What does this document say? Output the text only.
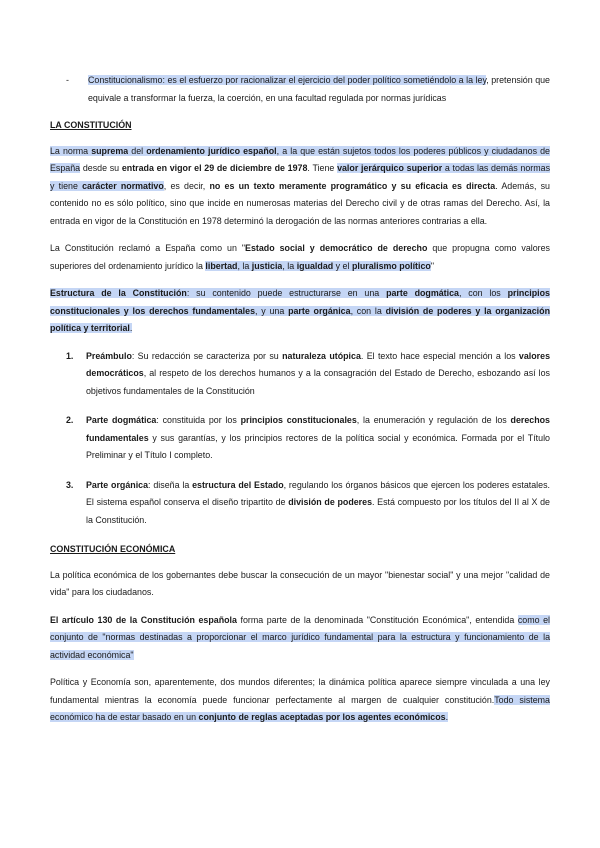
-	Constitucionalismo: es el esfuerzo por racionalizar el ejercicio del poder político sometiéndolo a la ley, pretensión que equivale a transformar la fuerza, la coerción, en una facultad regulada por normas jurídicas
LA CONSTITUCIÓN

La norma suprema del ordenamiento jurídico español, a la que están sujetos todos los poderes públicos y ciudadanos de España desde su entrada en vigor el 29 de diciembre de 1978. Tiene valor jerárquico superior a todas las demás normas y tiene carácter normativo, es decir, no es un texto meramente programático y su eficacia es directa. Además, su contenido no es sólo político, sino que incide en numerosas materias del Derecho civil y de otras ramas del Derecho. Así, la entrada en vigor de la Constitución en 1978 determinó la derogación de las normas anteriores contrarias a ella.

La Constitución reclamó a España como un "Estado social y democrático de derecho que propugna como valores superiores del ordenamiento jurídico la libertad, la justicia, la igualdad y el pluralismo político"

Estructura de la Constitución: su contenido puede estructurarse en una parte dogmática, con los principios constitucionales y los derechos fundamentales, y una parte orgánica, con la división de poderes y la organización política y territorial.

1.	Preámbulo: Su redacción se caracteriza por su naturaleza utópica. El texto hace especial mención a los valores democráticos, al respeto de los derechos humanos y a la consagración del Estado de Derecho, esbozando así los objetivos fundamentales de la Constitución
2.	Parte dogmática: constituida por los principios constitucionales, la enumeración y regulación de los derechos fundamentales y sus garantías, y los principios rectores de la política social y económica. Formada por el Título Preliminar y el Título I completo.
3.	Parte orgánica: diseña la estructura del Estado, regulando los órganos básicos que ejercen los poderes estatales. El sistema español conserva el diseño tripartito de división de poderes. Está compuesto por los títulos del II al X de la Constitución.
CONSTITUCIÓN ECONÓMICA

La política económica de los gobernantes debe buscar la consecución de un mayor "bienestar social" y una mejor "calidad de vida" para los ciudadanos.

El artículo 130 de la Constitución española forma parte de la denominada "Constitución Económica", entendida como el conjunto de "normas destinadas a proporcionar el marco jurídico fundamental para la estructura y funcionamiento de la actividad económica"

Política y Economía son, aparentemente, dos mundos diferentes; la dinámica política aparece siempre vinculada a una ley fundamental mientras la economía puede funcionar perfectamente al margen de cualquier constitución.Todo sistema económico ha de estar basado en un conjunto de reglas aceptadas por los agentes económicos.
